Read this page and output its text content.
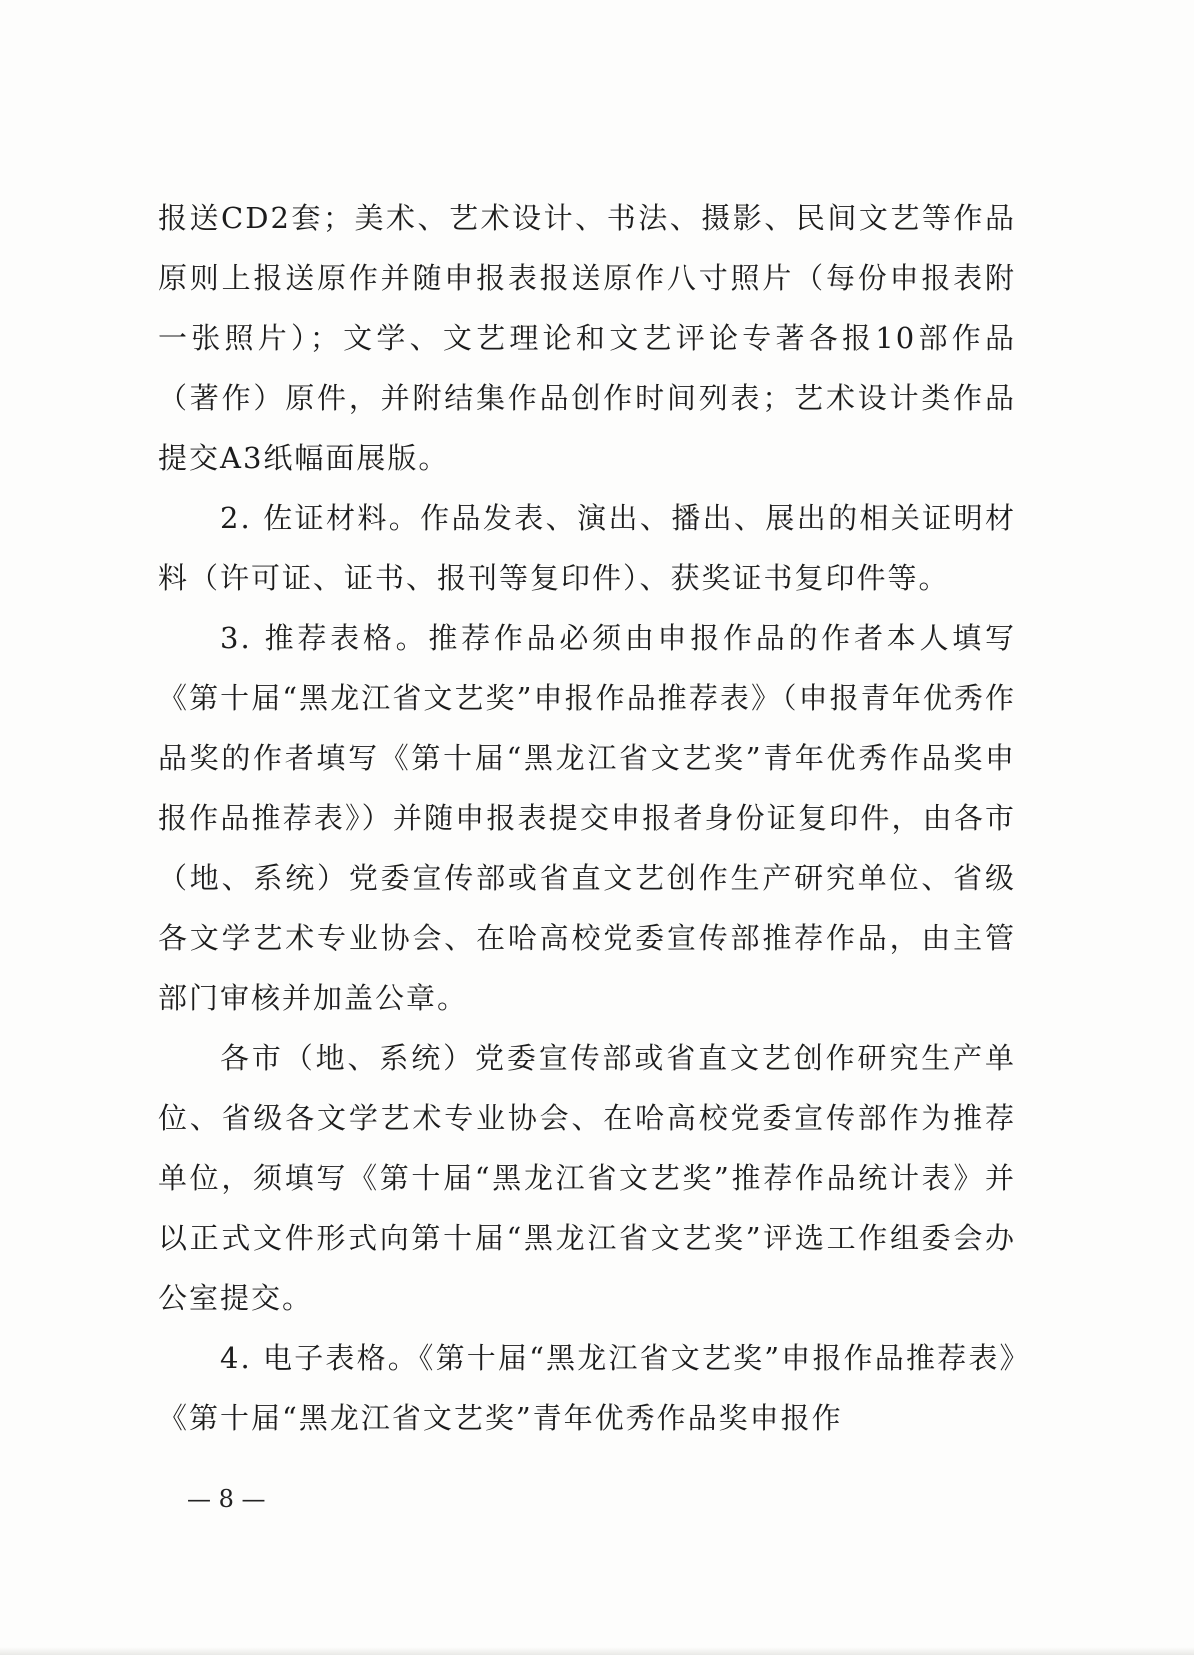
报送CD2套；美术、艺术设计、书法、摄影、民间文艺等作品原则上报送原作并随申报表报送原作八寸照片（每份申报表附一张照片）；文学、文艺理论和文艺评论专著各报10部作品（著作）原件，并附结集作品创作时间列表；艺术设计类作品提交A3纸幅面展版。

2. 佐证材料。作品发表、演出、播出、展出的相关证明材料（许可证、证书、报刊等复印件）、获奖证书复印件等。

3. 推荐表格。推荐作品必须由申报作品的作者本人填写《第十届“黑龙江省文艺奖”申报作品推荐表》（申报青年优秀作品奖的作者填写《第十届“黑龙江省文艺奖”青年优秀作品奖申报作品推荐表》）并随申报表提交申报者身份证复印件，由各市（地、系统）党委宣传部或省直文艺创作生产研究单位、省级各文学艺术专业协会、在哈高校党委宣传部推荐作品，由主管部门审核并加盖公章。

各市（地、系统）党委宣传部或省直文艺创作研究生产单位、省级各文学艺术专业协会、在哈高校党委宣传部作为推荐单位，须填写《第十届“黑龙江省文艺奖”推荐作品统计表》并以正式文件形式向第十届“黑龙江省文艺奖”评选工作组委会办公室提交。

4. 电子表格。《第十届“黑龙江省文艺奖”申报作品推荐表》《第十届“黑龙江省文艺奖”青年优秀作品奖申报作

— 8 —
